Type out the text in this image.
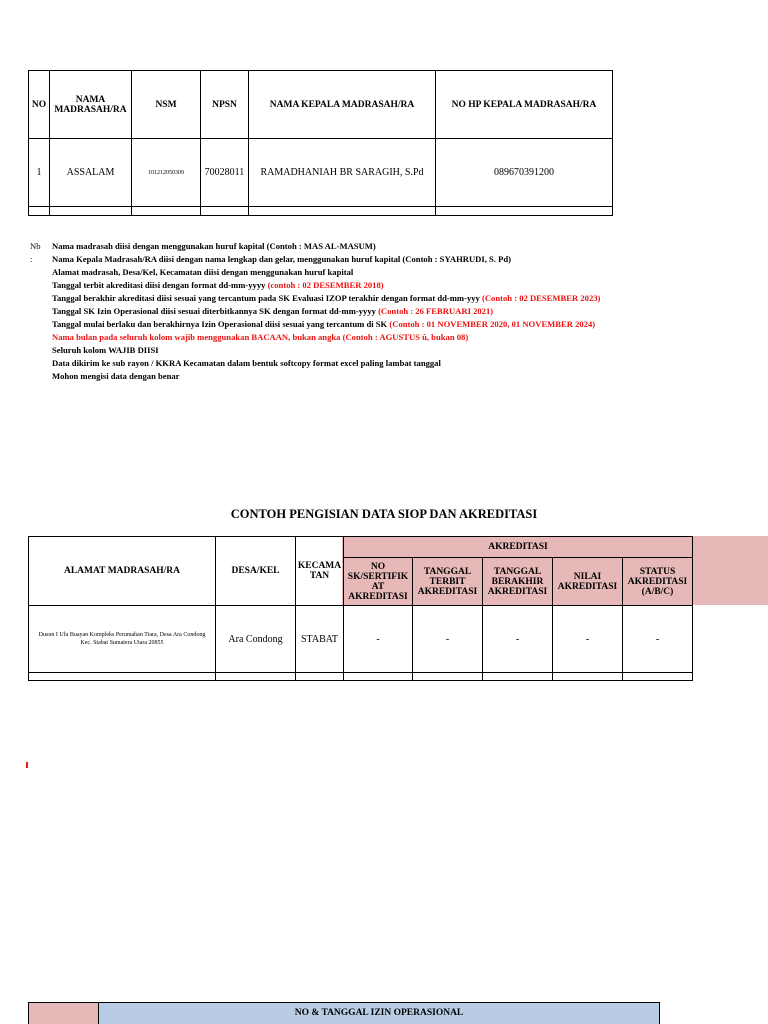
NO	NAMA MADRASAH/RA	NSM	NPSN	NAMA KEPALA MADRASAH/RA	NO HP KEPALA MADRASAH/RA
1	ASSALAM	101212050309	70028011	RAMADHANIAH BR SARAGIH, S.Pd	089670391200

Nb :
Nama madrasah diisi dengan menggunakan huruf kapital (Contoh : MAS AL-MASUM)
Nama Kepala Madrasah/RA diisi dengan nama lengkap dan gelar, menggunakan huruf kapital (Contoh : SYAHRUDI, S. Pd)
Alamat madrasah, Desa/Kel, Kecamatan diisi dengan menggunakan huruf kapital
Tanggal terbit akreditasi diisi dengan format dd-mm-yyyy (contoh : 02 DESEMBER 2018)
Tanggal berakhir akreditasi diisi sesuai yang tercantum pada SK Evaluasi IZOP terakhir dengan format dd-mm-yyy (Contoh : 02 DESEMBER 2023)
Tanggal SK Izin Operasional diisi sesuai diterbitkannya SK dengan format dd-mm-yyyy (Contoh : 26 FEBRUARI 2021)
Tanggal mulai berlaku dan berakhirnya Izin Operasional diisi sesuai yang tercantum di SK (Contoh : 01 NOVEMBER 2020, 01 NOVEMBER 2024)
Nama bulan pada seluruh kolom wajib menggunakan BACAAN, bukan angka (Contoh : AGUSTUS û, bukan 08)
Seluruh kolom WAJIB DIISI
Data dikirim ke sub rayon / KKRA Kecamatan dalam bentuk softcopy format excel paling lambat tanggal
Mohon mengisi data dengan benar
CONTOH PENGISIAN DATA SIOP DAN AKREDITASI
ALAMAT MADRASAH/RA	DESA/KEL	KECAMA TAN	AKREDITASI				
			NO SK/SERTIFIK AT AKREDITASI	TANGGAL TERBIT AKREDITASI	TANGGAL BERAKHIR AKREDITASI	NILAI AKREDITASI	STATUS AKREDITASI (A/B/C)
Dusun I Ulu Buayan Kompleks Perumahan Tiara, Desa Ara Condong Kec. Stabat Sumatera Utara 20855	Ara Condong	STABAT	-	-	-	-	-

NO & TANGGAL IZIN OPERASIONAL
